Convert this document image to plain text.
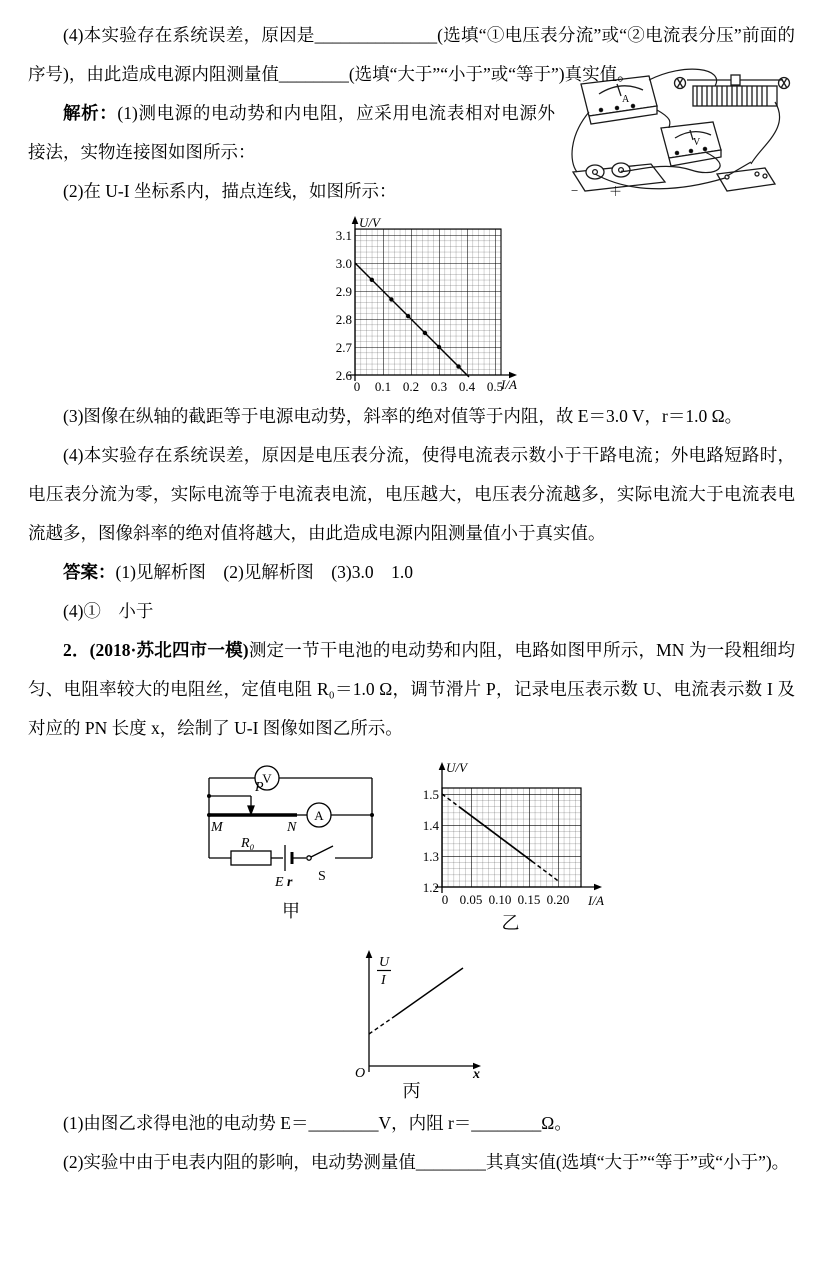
(4)本实验存在系统误差，原因是______________(选填“①电压表分流”或“②电流表分压”前面的序号)，由此造成电源内阻测量值________(选填“大于”“小于”或“等于”)真实值。

A
V
− ＋

解析：(1)测电源的电动势和内电阻，应采用电流表相对电源外接法，实物连接图如图所示：

(2)在 U-I 坐标系内，描点连线，如图所示：

U/V
I/A
3.1
3.0
2.9
2.8
2.7
2.6
0 0.1 0.2 0.3 0.4 0.5

(3)图像在纵轴的截距等于电源电动势，斜率的绝对值等于内阻，故 E＝3.0 V，r＝1.0 Ω。

(4)本实验存在系统误差，原因是电压表分流，使得电流表示数小于干路电流；外电路短路时，电压表分流为零，实际电流等于电流表电流，电压越大，电压表分流越多，实际电流大于电流表电流越多，图像斜率的绝对值将越大，由此造成电源内阻测量值小于真实值。

答案：(1)见解析图　(2)见解析图　(3)3.0　1.0

(4)①　小于

2．(2018·苏北四市一模)测定一节干电池的电动势和内阻，电路如图甲所示，MN 为一段粗细均匀、电阻率较大的电阻丝，定值电阻 R₀＝1.0 Ω，调节滑片 P，记录电压表示数 U、电流表示数 I 及对应的 PN 长度 x，绘制了 U-I 图像如图乙所示。

V
A
P
M	N
R₀
E r S
甲
U/V
I/A
1.5
1.4
1.3
1.2
0 0.05 0.10 0.15 0.20
乙
U
I
O	x
丙

(1)由图乙求得电池的电动势 E＝________V，内阻 r＝________Ω。

(2)实验中由于电表内阻的影响，电动势测量值________其真实值(选填“大于”“等于”或“小于”)。
